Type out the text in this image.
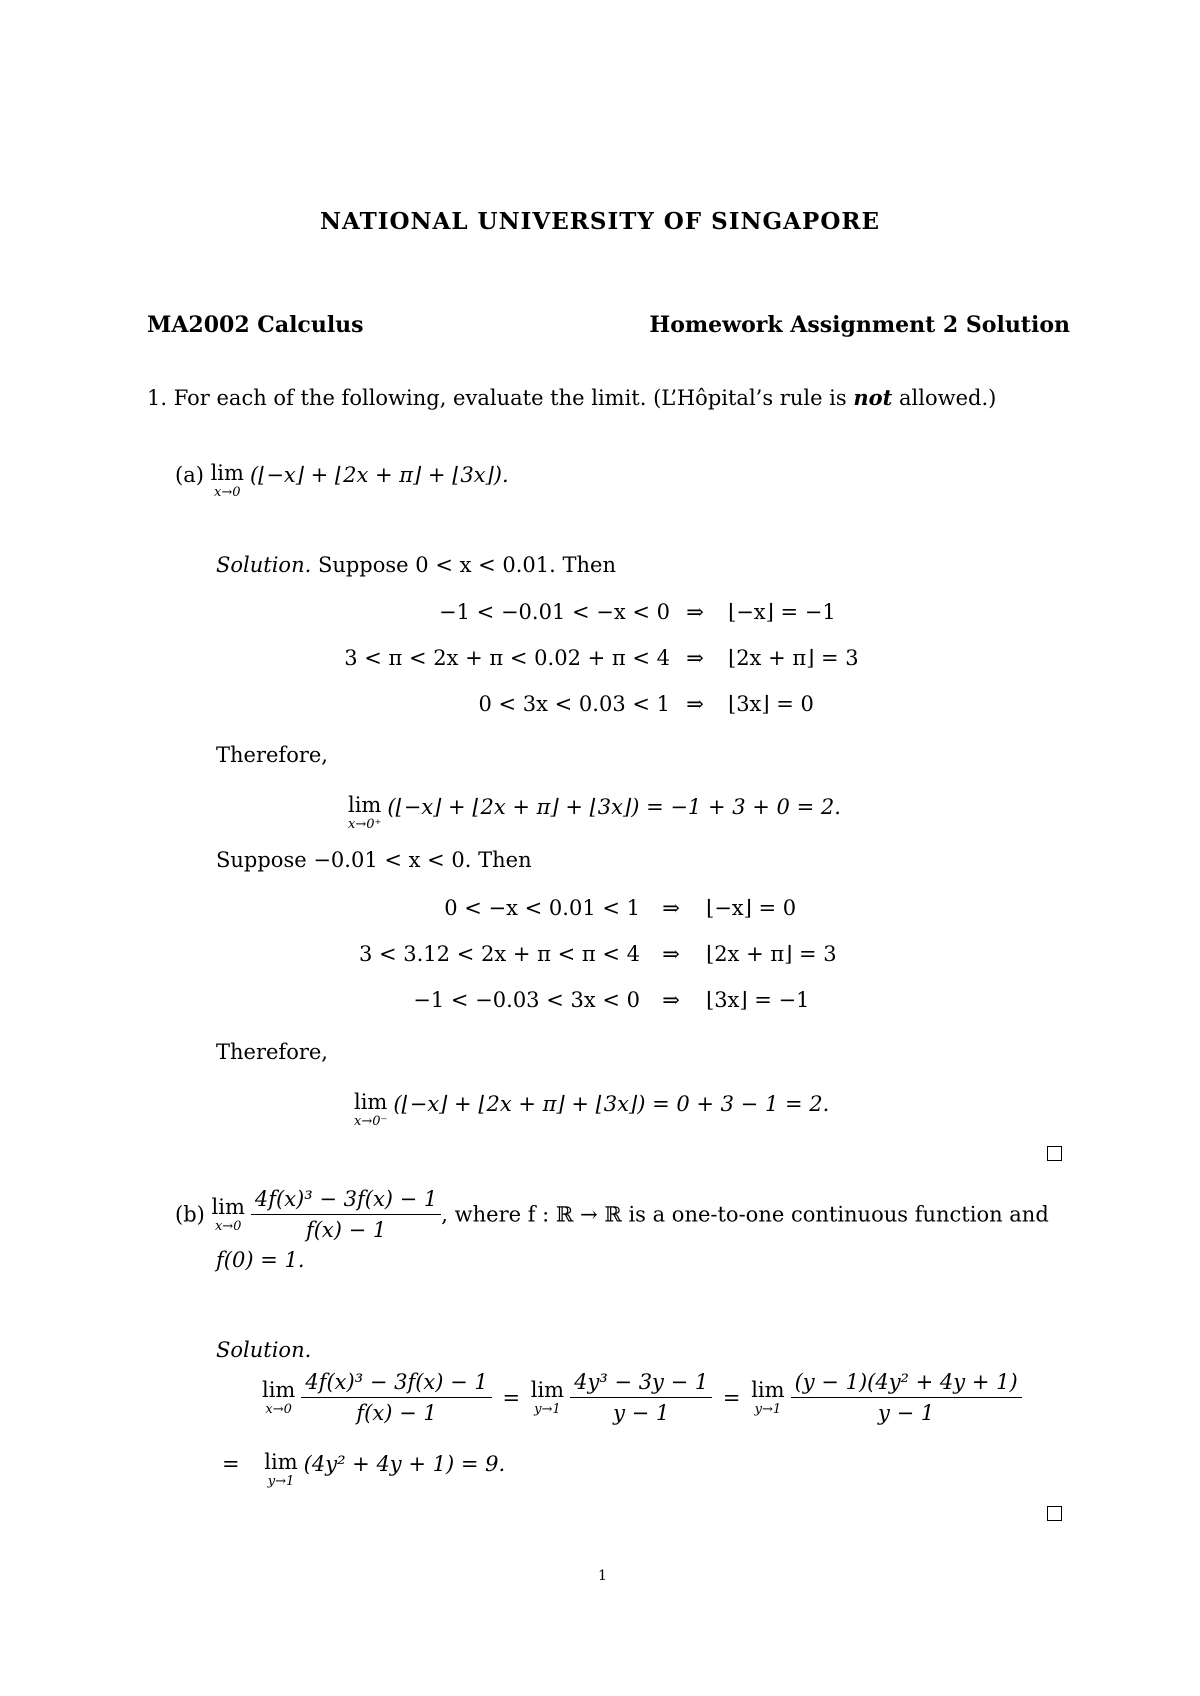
NATIONAL UNIVERSITY OF SINGAPORE
MA2002 Calculus	Homework Assignment 2 Solution
1. For each of the following, evaluate the limit. (L’Hôpital’s rule is not allowed.)
(a) lim
x→0
(⌊−x⌋ + ⌊2x + π⌋ + ⌊3x⌋).
Solution. Suppose 0 < x < 0.01. Then
−1 < −0.01 < −x < 0 ⇒ ⌊−x⌋ = −1
3 < π < 2x + π < 0.02 + π < 4 ⇒ ⌊2x + π⌋ = 3
0 < 3x < 0.03 < 1 ⇒ ⌊3x⌋ = 0
Therefore,
lim
x→0⁺
(⌊−x⌋ + ⌊2x + π⌋ + ⌊3x⌋) = −1 + 3 + 0 = 2.
Suppose −0.01 < x < 0. Then
0 < −x < 0.01 < 1 ⇒ ⌊−x⌋ = 0
3 < 3.12 < 2x + π < π < 4 ⇒ ⌊2x + π⌋ = 3
−1 < −0.03 < 3x < 0 ⇒ ⌊3x⌋ = −1
Therefore,
lim
x→0⁻
(⌊−x⌋ + ⌊2x + π⌋ + ⌊3x⌋) = 0 + 3 − 1 = 2.
(b) lim
$x\to 0 \frac{\text{4f(x)³ − 3f(x) − 1}}{f(x) - 1}$ , where f : ℝ → ℝ is a one-to-one continuous function and
f(0) = 1.
Solution.
lim
$x\to 0 \frac{\text{4f(x)³ − 3f(x) − 1}}{f(x) - 1} = \lim$
$y\to 1 \frac{\text{4y³ − 3y − 1}}{y - 1} = \lim$
$y\to 1 \frac{\text{(y − 1)(4y² + 4y + 1)}}{y - 1}$
= lim
y→1
(4y² + 4y + 1) = 9.
1
